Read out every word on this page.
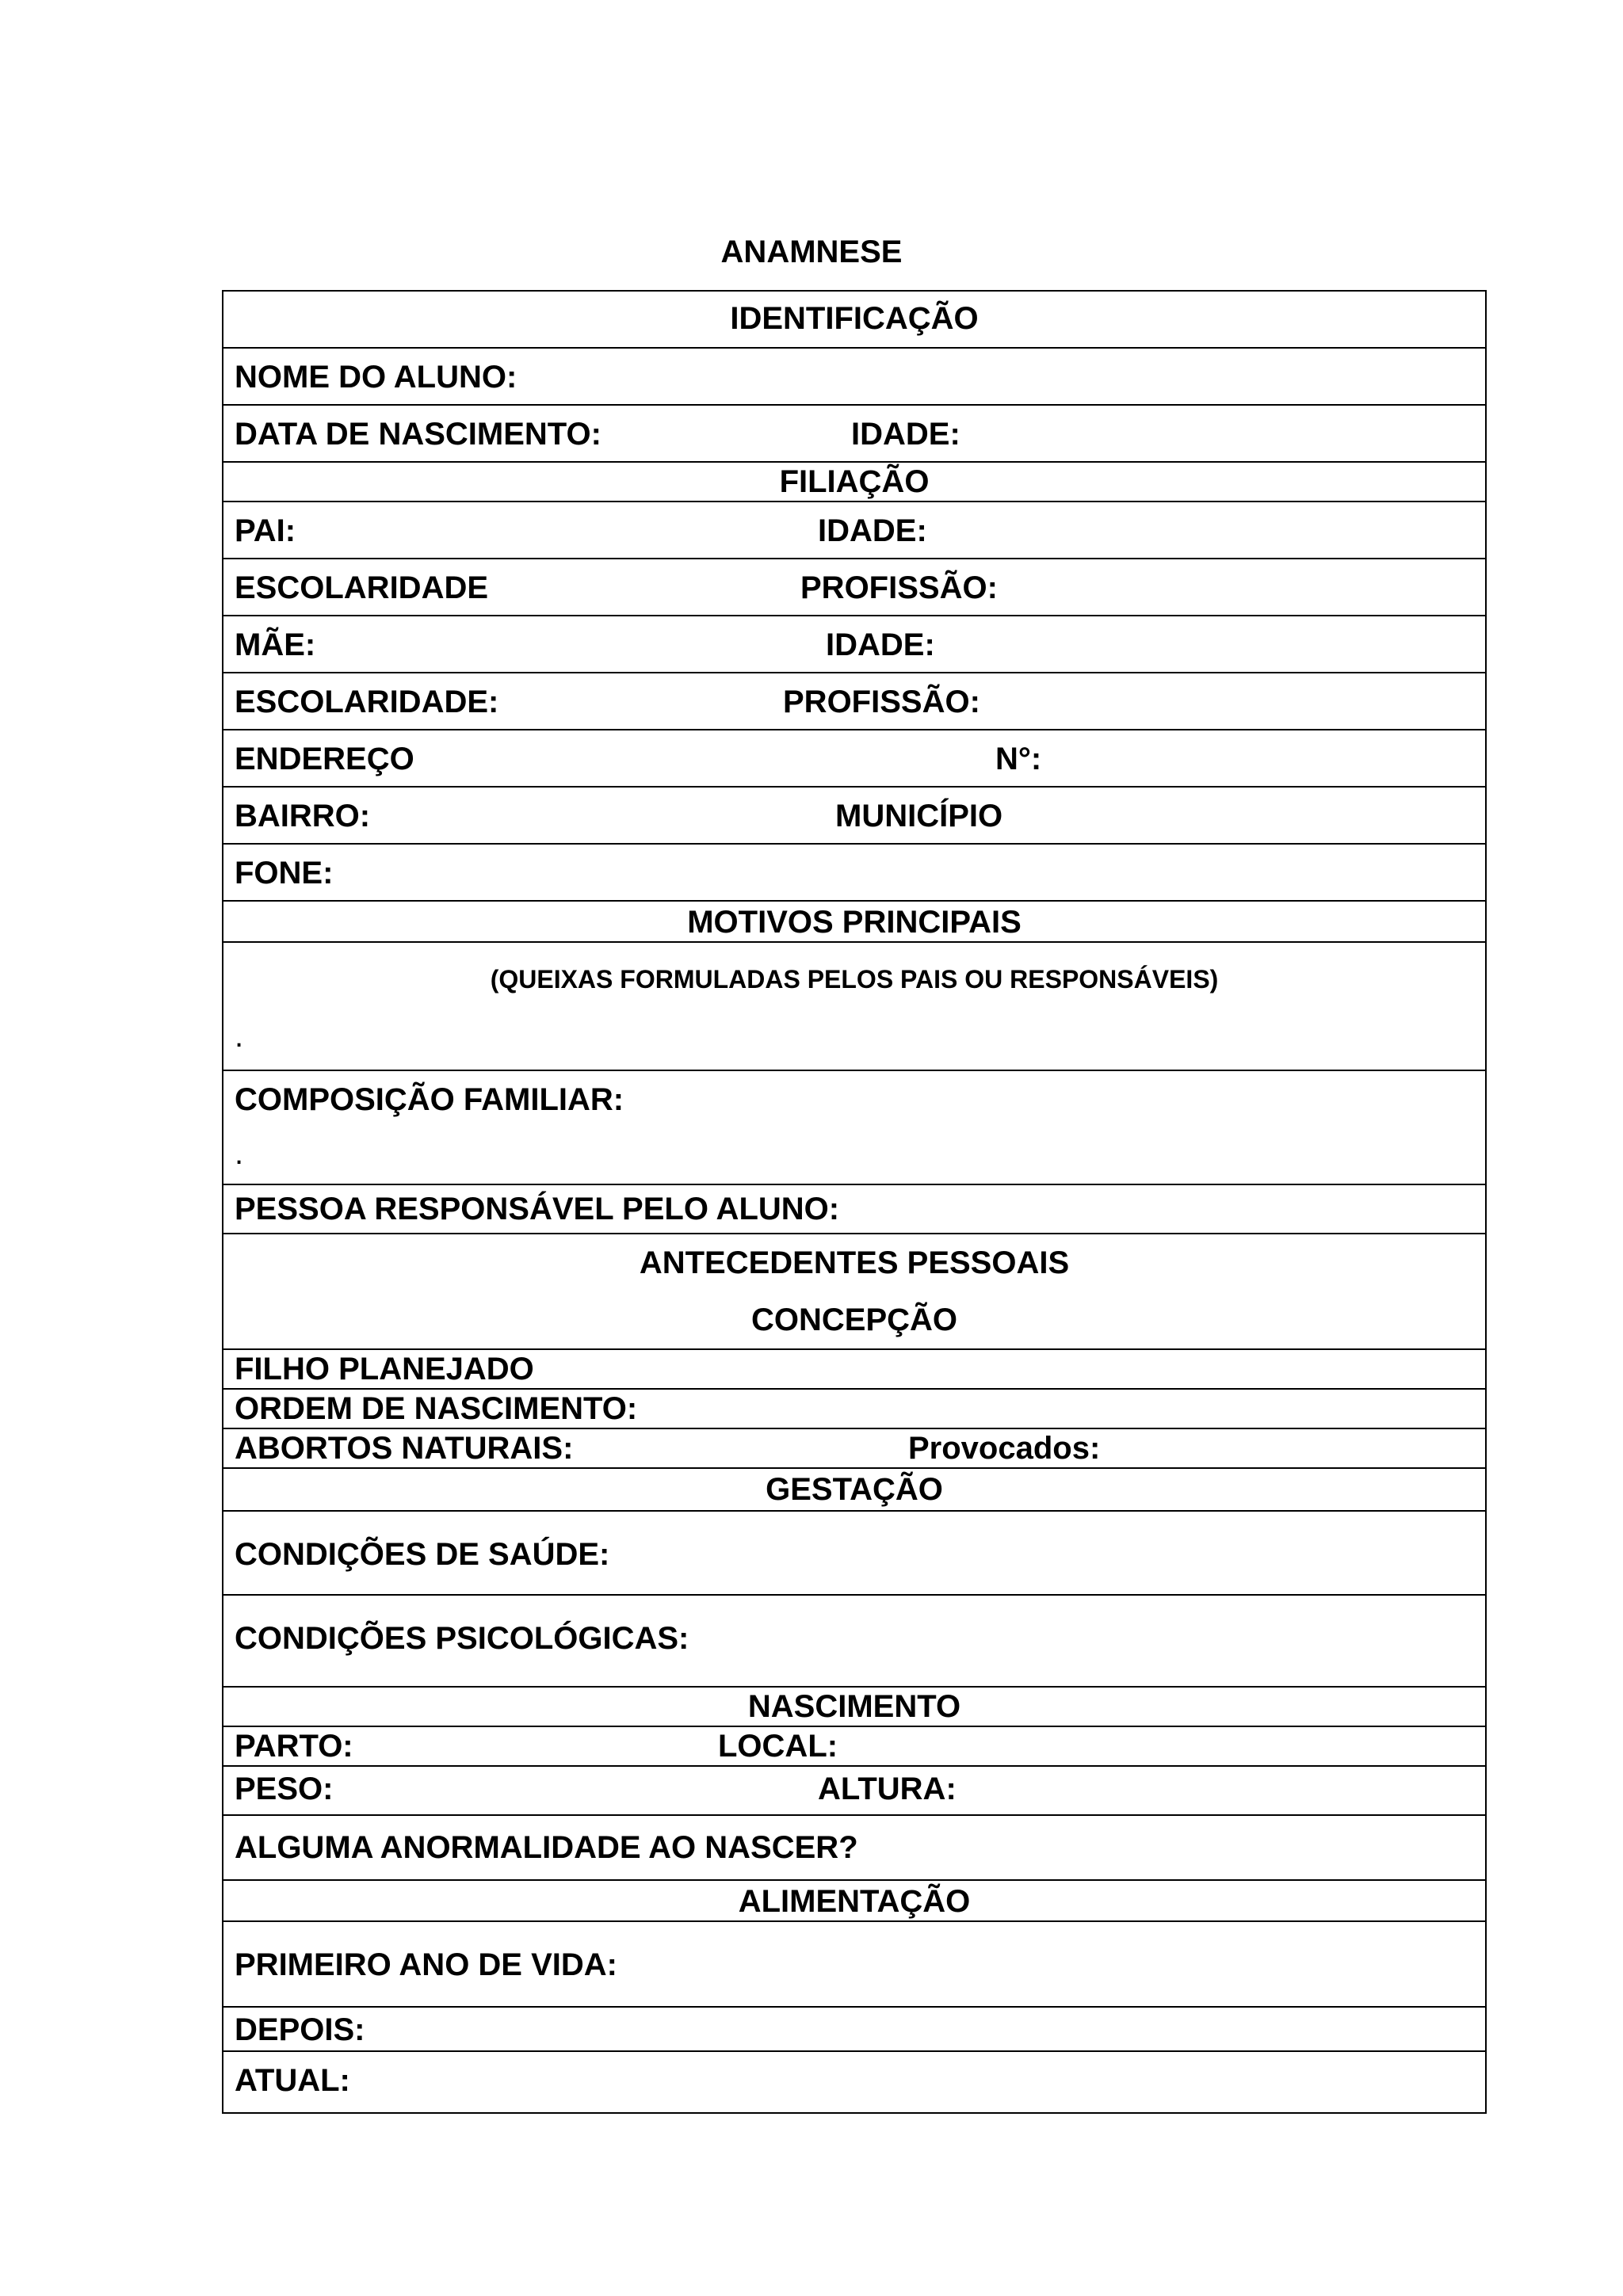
ANAMNESE
IDENTIFICAÇÃO
NOME DO ALUNO:
DATA DE NASCIMENTO:	IDADE:
FILIAÇÃO
PAI:	IDADE:
ESCOLARIDADE	PROFISSÃO:
MÃE:	IDADE:
ESCOLARIDADE:	PROFISSÃO:
ENDEREÇO	N°:
BAIRRO:	MUNICÍPIO
FONE:
MOTIVOS PRINCIPAIS
(QUEIXAS FORMULADAS PELOS PAIS OU RESPONSÁVEIS)
.
COMPOSIÇÃO FAMILIAR:
.
PESSOA RESPONSÁVEL PELO ALUNO:
ANTECEDENTES PESSOAIS
CONCEPÇÃO
FILHO PLANEJADO
ORDEM DE NASCIMENTO:
ABORTOS NATURAIS:	Provocados:
GESTAÇÃO
CONDIÇÕES DE SAÚDE:
CONDIÇÕES PSICOLÓGICAS:
NASCIMENTO
PARTO:	LOCAL:
PESO:	ALTURA:
ALGUMA ANORMALIDADE AO NASCER?
ALIMENTAÇÃO
PRIMEIRO ANO DE VIDA:
DEPOIS:
ATUAL:
